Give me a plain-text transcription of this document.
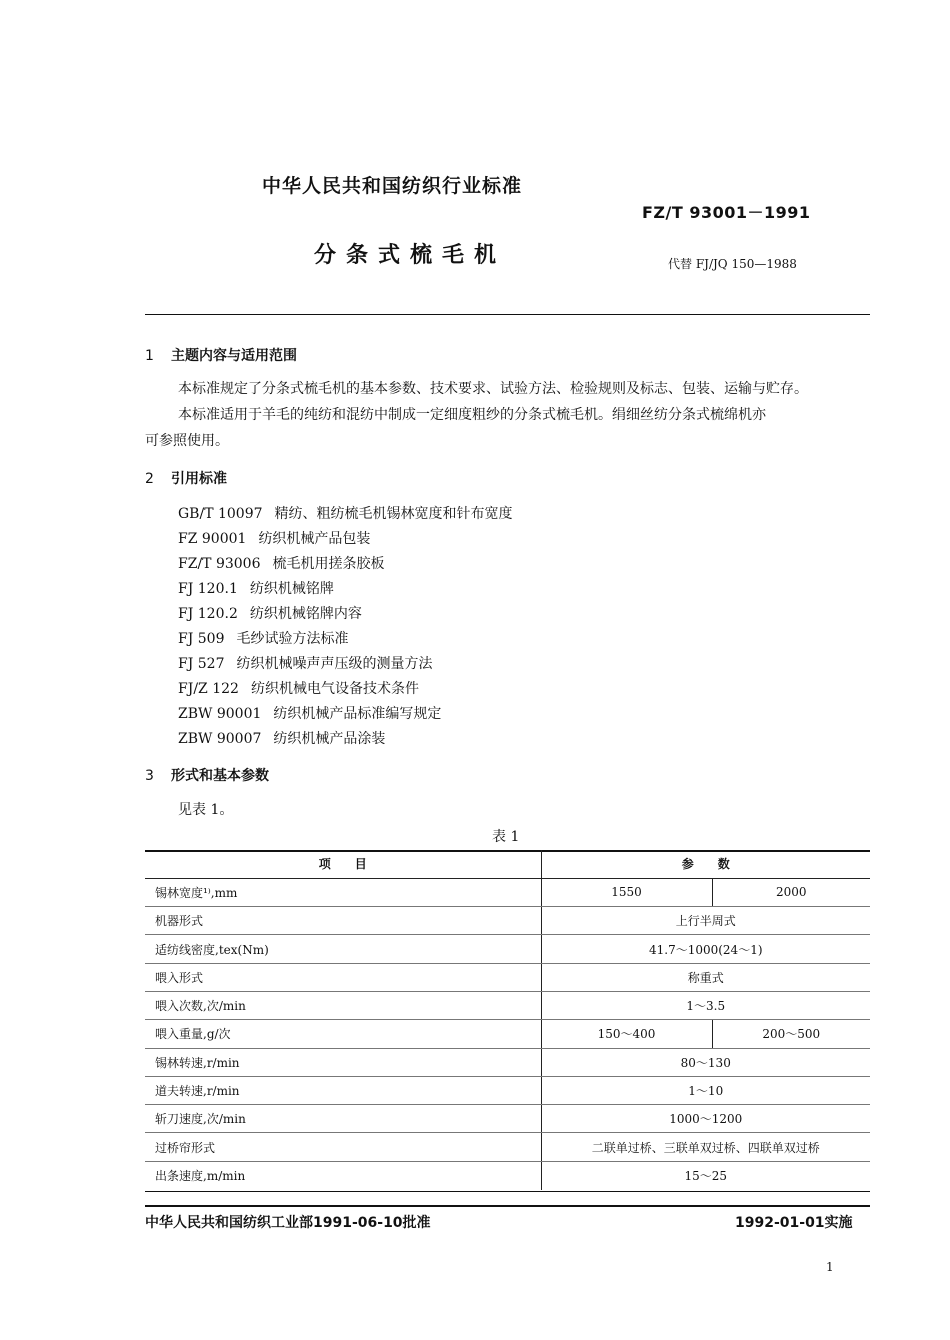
中华人民共和国纺织行业标准
FZ/T 93001－1991
分条式梳毛机	代替 FJ/JQ 150—1988
1 主题内容与适用范围
本标准规定了分条式梳毛机的基本参数、技术要求、试验方法、检验规则及标志、包装、运输与贮存。
本标准适用于羊毛的纯纺和混纺中制成一定细度粗纱的分条式梳毛机。绢细丝纺分条式梳绵机亦
可参照使用。
2 引用标准
GB/T 10097 精纺、粗纺梳毛机锡林宽度和针布宽度
FZ 90001 纺织机械产品包装
FZ/T 93006 梳毛机用搓条胶板
FJ 120.1 纺织机械铭牌
FJ 120.2 纺织机械铭牌内容
FJ 509 毛纱试验方法标准
FJ 527 纺织机械噪声声压级的测量方法
FJ/Z 122 纺织机械电气设备技术条件
ZBW 90001 纺织机械产品标准编写规定
ZBW 90007 纺织机械产品涂装
3 形式和基本参数
见表 1。
表 1
项　　目	参　　数	
锡林宽度¹⁾,mm	1550	2000
机器形式	上行半周式	
适纺线密度,tex(Nm)	41.7～1000(24～1)	
喂入形式	称重式	
喂入次数,次/min	1～3.5	
喂入重量,g/次	150～400	200～500
锡林转速,r/min	80～130	
道夫转速,r/min	1～10	
斩刀速度,次/min	1000～1200	
过桥帘形式	二联单过桥、三联单双过桥、四联单双过桥	
出条速度,m/min	15～25	
中华人民共和国纺织工业部1991-06-10批准	1992-01-01实施
1
